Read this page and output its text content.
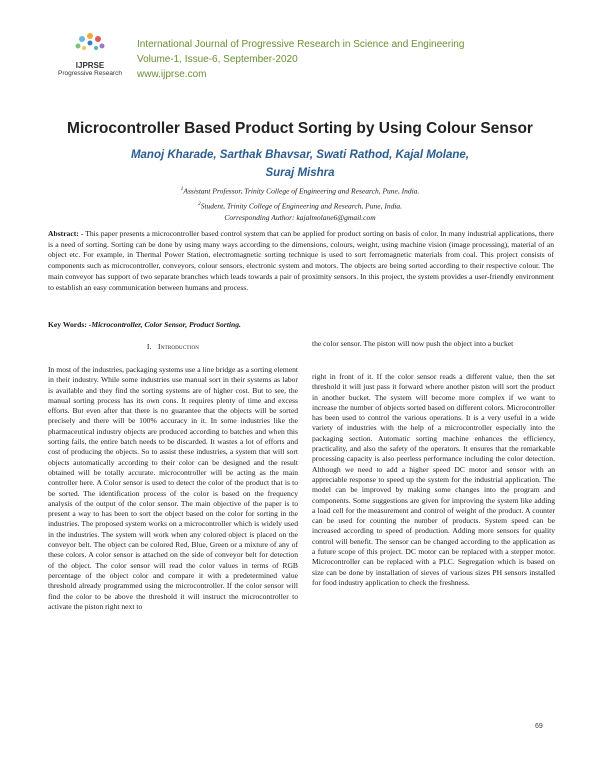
IJPRSE
Progressive Research
International Journal of Progressive Research in Science and Engineering
Volume-1, Issue-6, September-2020
www.ijprse.com
Microcontroller Based Product Sorting by Using Colour Sensor
Manoj Kharade, Sarthak Bhavsar, Swati Rathod, Kajal Molane,
Suraj Mishra
$^1$Assistant Professor, Trinity College of Engineering and Research, Pune, India.
$^2$Student, Trinity College of Engineering and Research, Pune, India.
Corresponding Author: kajalmolane6@gmail.com
Abstract: - This paper presents a microcontroller based control system that can be applied for product sorting on basis of color. In many industrial applications, there is a need of sorting. Sorting can be done by using many ways according to the dimensions, colours, weight, using machine vision (image processing), material of an object etc. For example, in Thermal Power Station, electromagnetic sorting technique is used to sort ferromagnetic materials from coal. This project consists of components such as microcontroller, conveyors, colour sensors, electronic system and motors. The objects are being sorted according to their respective colour. The main conveyor has support of two separate branches which leads towards a pair of proximity sensors. In this project, the system provides a user-friendly environment to establish an easy communication between humans and process.
Key Words: -Microcontroller, Color Sensor, Product Sorting.
I. Introduction
In most of the industries, packaging systems use a line bridge as a sorting element in their industry. While some industries use manual sort in their systems as labor is available and they find the sorting systems are of higher cost. But to see, the manual sorting process has its own cons. It requires plenty of time and excess efforts. But even after that there is no guarantee that the objects will be sorted precisely and there will be 100% accuracy in it. In some industries like the pharmaceutical industry objects are produced according to batches and when this sorting fails, the entire batch needs to be discarded. It wastes a lot of efforts and cost of producing the objects. So to assist these industries, a system that will sort objects automatically according to their color can be designed and the result obtained will be totally accurate. microcontroller will be acting as the main controller here. A Color sensor is used to detect the color of the product that is to be sorted. The identification process of the color is based on the frequency analysis of the output of the color sensor. The main objective of the paper is to present a way to has been to sort the object based on the color for sorting in the industries. The proposed system works on a microcontroller which is widely used in the industries. The system will work when any colored object is placed on the conveyor belt. The object can be colored Red, Blue, Green or a mixture of any of these colors. A color sensor is attached on the side of conveyor belt for detection of the object. The color sensor will read the color values in terms of RGB percentage of the object color and compare it with a predetermined value threshold already programmed using the microcontroller. If the color sensor will find the color to be above the threshold it will instruct the microcontroller to activate the piston right next to
the color sensor. The piston will now push the object into a bucket
right in front of it. If the color sensor reads a different value, then the set threshold it will just pass it forward where another piston will sort the product in another bucket. The system will become more complex if we want to increase the number of objects sorted based on different colors. Microcontroller has been used to control the various operations. It is a very useful in a wide variety of industries with the help of a microcontroller especially into the packaging section. Automatic sorting machine enhances the efficiency, practicality, and also the safety of the operators. It ensures that the remarkable processing capacity is also peerless performance including the color detection. Although we need to add a higher speed DC motor and sensor with an appreciable response to speed up the system for the industrial application. The model can be improved by making some changes into the program and components. Some suggestions are given for improving the system like adding a load cell for the measurement and control of weight of the product. A counter can be used for counting the number of products. System speed can be increased according to speed of production. Adding more sensors for quality control will benefit. The sensor can be changed according to the application as a future scope of this project. DC motor can be replaced with a stepper motor. Microcontroller can be replaced with a PLC. Segregation which is based on size can be done by installation of sieves of various sizes PH sensors installed for food industry application to check the freshness.
69
